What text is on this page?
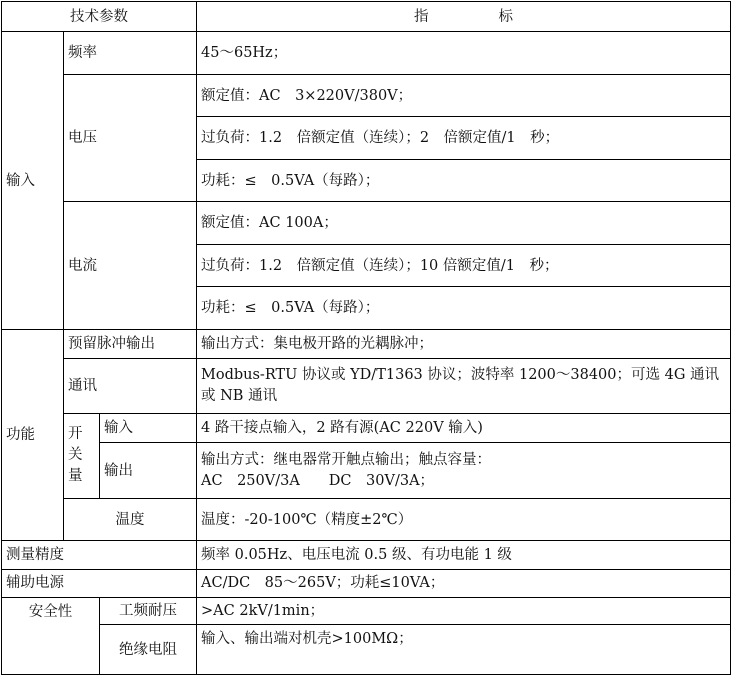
技术参数			指 标
输入	频率		45～65Hz；
	电压		额定值：AC　3×220V/380V；
			过负荷：1.2　倍额定值（连续）；2　倍额定值/1　秒；
			功耗：≤　0.5VA（每路）；
	电流		额定值：AC 100A；
			过负荷：1.2　倍额定值（连续）；10 倍额定值/1　秒；
			功耗：≤　0.5VA（每路）；
功能	预留脉冲输出		输出方式：集电极开路的光耦脉冲；
	通讯		Modbus-RTU 协议或 YD/T1363 协议；波特率 1200～38400；可选 4G 通讯或 NB 通讯
	开关量	输入	4 路干接点输入，2 路有源(AC 220V 输入)
		输出	输出方式：继电器常开触点输出；触点容量：
AC　250V/3A　　DC　30V/3A；
	温度		温度：-20-100℃（精度±2℃）
测量精度			频率 0.05Hz、电压电流 0.5 级、有功电能 1 级
辅助电源			AC/DC　85～265V；功耗≤10VA；
安全性		工频耐压	>AC 2kV/1min；
		绝缘电阻	输入、输出端对机壳>100MΩ；
